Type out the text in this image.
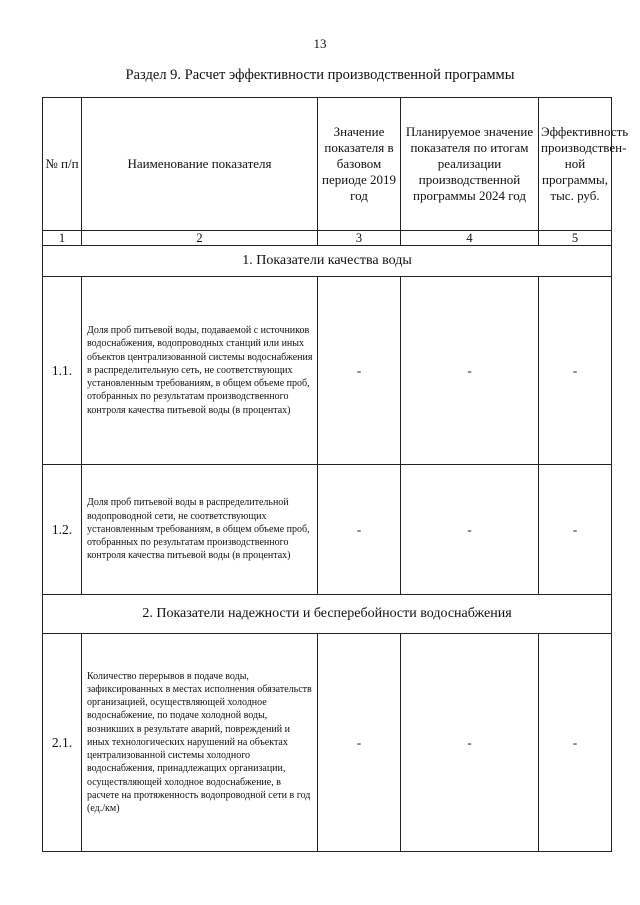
13
Раздел 9. Расчет эффективности производственной программы
№ п/п	Наименование показателя	Значение показателя в базовом периоде 2019 год	Планируемое значение показателя по итогам реализации производственной программы 2024 год	Эффективность производствен-ной программы, тыс. руб.
1	2	3	4	5
1. Показатели качества воды				
1.1.	Доля проб питьевой воды, подаваемой с источников водоснабжения, водопроводных станций или иных объектов централизованной системы водоснабжения в распределительную сеть, не соответствующих установленным требованиям, в общем объеме проб, отобранных по результатам производственного контроля качества питьевой воды (в процентах)	-	-	-
1.2.	Доля проб питьевой воды в распределительной водопроводной сети, не соответствующих установленным требованиям, в общем объеме проб, отобранных по результатам производственного контроля качества питьевой воды (в процентах)	-	-	-
2. Показатели надежности и бесперебойности водоснабжения				
2.1.	Количество перерывов в подаче воды, зафиксированных в местах исполнения обязательств организацией, осуществляющей холодное водоснабжение, по подаче холодной воды, возникших в результате аварий, повреждений и иных технологических нарушений на объектах централизованной системы холодного водоснабжения, принадлежащих организации, осуществляющей холодное водоснабжение, в расчете на протяженность водопроводной сети в год (ед./км)	-	-	-
